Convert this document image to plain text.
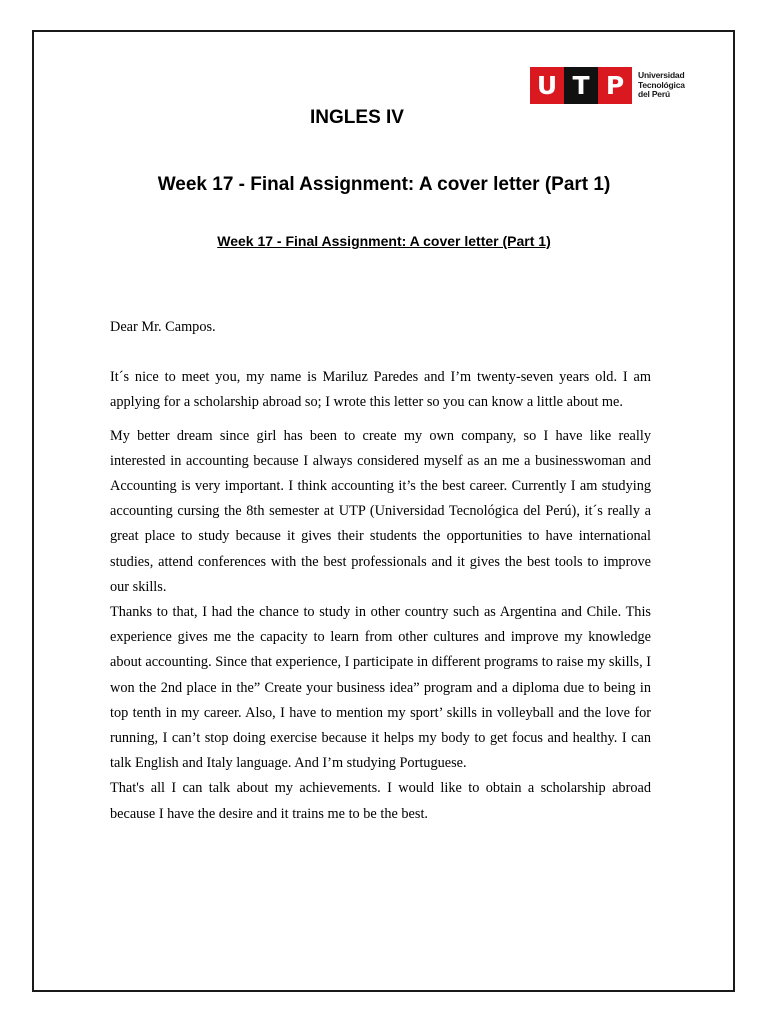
U T P	Universidad
Tecnológica
del Perú
INGLES IV
Week 17 - Final Assignment: A cover letter (Part 1)
Week 17 - Final Assignment: A cover letter (Part 1)

Dear Mr. Campos.

It´s nice to meet you, my name is Mariluz Paredes and I’m twenty-seven years old. I am applying for a scholarship abroad so; I wrote this letter so you can know a little about me.

My better dream since girl has been to create my own company, so I have like really interested in accounting because I always considered myself as an me a businesswoman and Accounting is very important. I think accounting it’s the best career. Currently I am studying accounting cursing the 8th semester at UTP (Universidad Tecnológica del Perú), it´s really a great place to study because it gives their students the opportunities to have international studies, attend conferences with the best professionals and it gives the best tools to improve our skills.

Thanks to that, I had the chance to study in other country such as Argentina and Chile. This experience gives me the capacity to learn from other cultures and improve my knowledge about accounting. Since that experience, I participate in different programs to raise my skills, I won the 2nd place in the” Create your business idea” program and a diploma due to being in top tenth in my career. Also, I have to mention my sport’ skills in volleyball and the love for running, I can’t stop doing exercise because it helps my body to get focus and healthy. I can talk English and Italy language. And I’m studying Portuguese.

That's all I can talk about my achievements. I would like to obtain a scholarship abroad because I have the desire and it trains me to be the best.
